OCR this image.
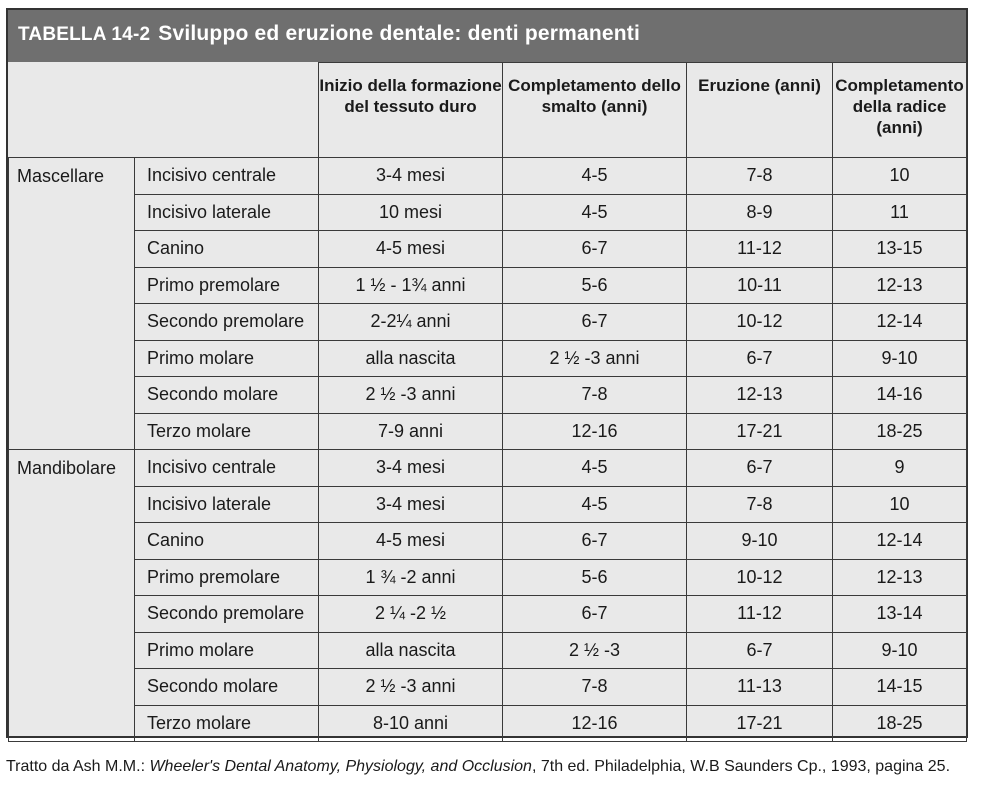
TABELLA 14-2 Sviluppo ed eruzione dentale: denti permanenti
		Inizio della formazione del tessuto duro	Completamento dello smalto (anni)	Eruzione (anni)	Completamento della radice (anni)
Mascellare	Incisivo centrale	3-4 mesi	4-5	7-8	10
	Incisivo laterale	10 mesi	4-5	8-9	11
	Canino	4-5 mesi	6-7	11-12	13-15
	Primo premolare	1 ½ - 1¾ anni	5-6	10-11	12-13
	Secondo premolare	2-2¼ anni	6-7	10-12	12-14
	Primo molare	alla nascita	2 ½ -3 anni	6-7	9-10
	Secondo molare	2 ½ -3 anni	7-8	12-13	14-16
	Terzo molare	7-9 anni	12-16	17-21	18-25
Mandibolare	Incisivo centrale	3-4 mesi	4-5	6-7	9
	Incisivo laterale	3-4 mesi	4-5	7-8	10
	Canino	4-5 mesi	6-7	9-10	12-14
	Primo premolare	1 ¾ -2 anni	5-6	10-12	12-13
	Secondo premolare	2 ¼ -2 ½	6-7	11-12	13-14
	Primo molare	alla nascita	2 ½ -3	6-7	9-10
	Secondo molare	2 ½ -3 anni	7-8	11-13	14-15
	Terzo molare	8-10 anni	12-16	17-21	18-25
Tratto da Ash M.M.: Wheeler's Dental Anatomy, Physiology, and Occlusion, 7th ed. Philadelphia, W.B Saunders Cp., 1993, pagina 25.
